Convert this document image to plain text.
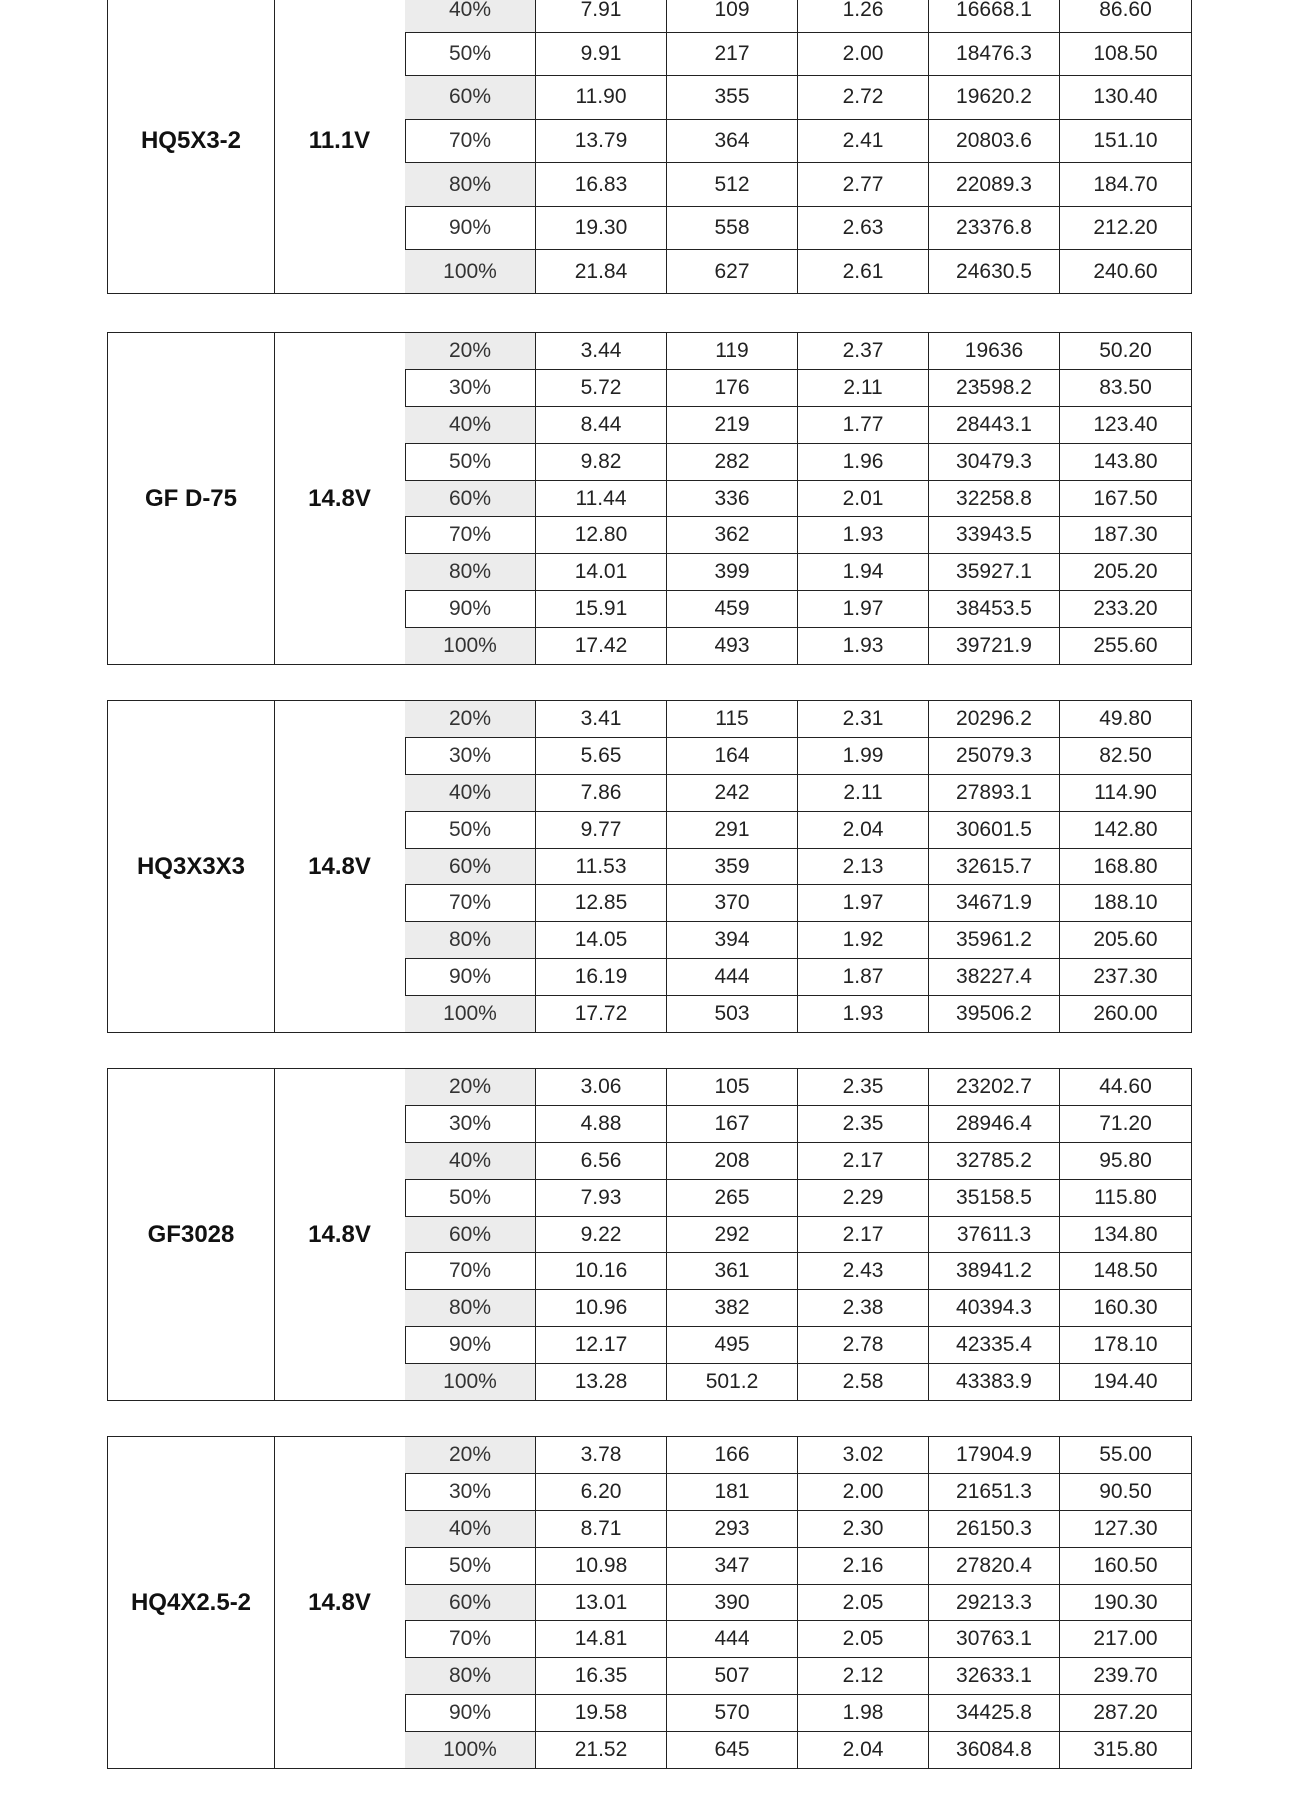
HQ5X3-2	11.1V
40%	7.91	109	1.26	16668.1	86.60
50%	9.91	217	2.00	18476.3	108.50
60%	11.90	355	2.72	19620.2	130.40
70%	13.79	364	2.41	20803.6	151.10
80%	16.83	512	2.77	22089.3	184.70
90%	19.30	558	2.63	23376.8	212.20
100%	21.84	627	2.61	24630.5	240.60
GF D-75	14.8V
20%	3.44	119	2.37	19636	50.20
30%	5.72	176	2.11	23598.2	83.50
40%	8.44	219	1.77	28443.1	123.40
50%	9.82	282	1.96	30479.3	143.80
60%	11.44	336	2.01	32258.8	167.50
70%	12.80	362	1.93	33943.5	187.30
80%	14.01	399	1.94	35927.1	205.20
90%	15.91	459	1.97	38453.5	233.20
100%	17.42	493	1.93	39721.9	255.60
HQ3X3X3	14.8V
20%	3.41	115	2.31	20296.2	49.80
30%	5.65	164	1.99	25079.3	82.50
40%	7.86	242	2.11	27893.1	114.90
50%	9.77	291	2.04	30601.5	142.80
60%	11.53	359	2.13	32615.7	168.80
70%	12.85	370	1.97	34671.9	188.10
80%	14.05	394	1.92	35961.2	205.60
90%	16.19	444	1.87	38227.4	237.30
100%	17.72	503	1.93	39506.2	260.00
GF3028	14.8V
20%	3.06	105	2.35	23202.7	44.60
30%	4.88	167	2.35	28946.4	71.20
40%	6.56	208	2.17	32785.2	95.80
50%	7.93	265	2.29	35158.5	115.80
60%	9.22	292	2.17	37611.3	134.80
70%	10.16	361	2.43	38941.2	148.50
80%	10.96	382	2.38	40394.3	160.30
90%	12.17	495	2.78	42335.4	178.10
100%	13.28	501.2	2.58	43383.9	194.40
HQ4X2.5-2	14.8V
20%	3.78	166	3.02	17904.9	55.00
30%	6.20	181	2.00	21651.3	90.50
40%	8.71	293	2.30	26150.3	127.30
50%	10.98	347	2.16	27820.4	160.50
60%	13.01	390	2.05	29213.3	190.30
70%	14.81	444	2.05	30763.1	217.00
80%	16.35	507	2.12	32633.1	239.70
90%	19.58	570	1.98	34425.8	287.20
100%	21.52	645	2.04	36084.8	315.80
